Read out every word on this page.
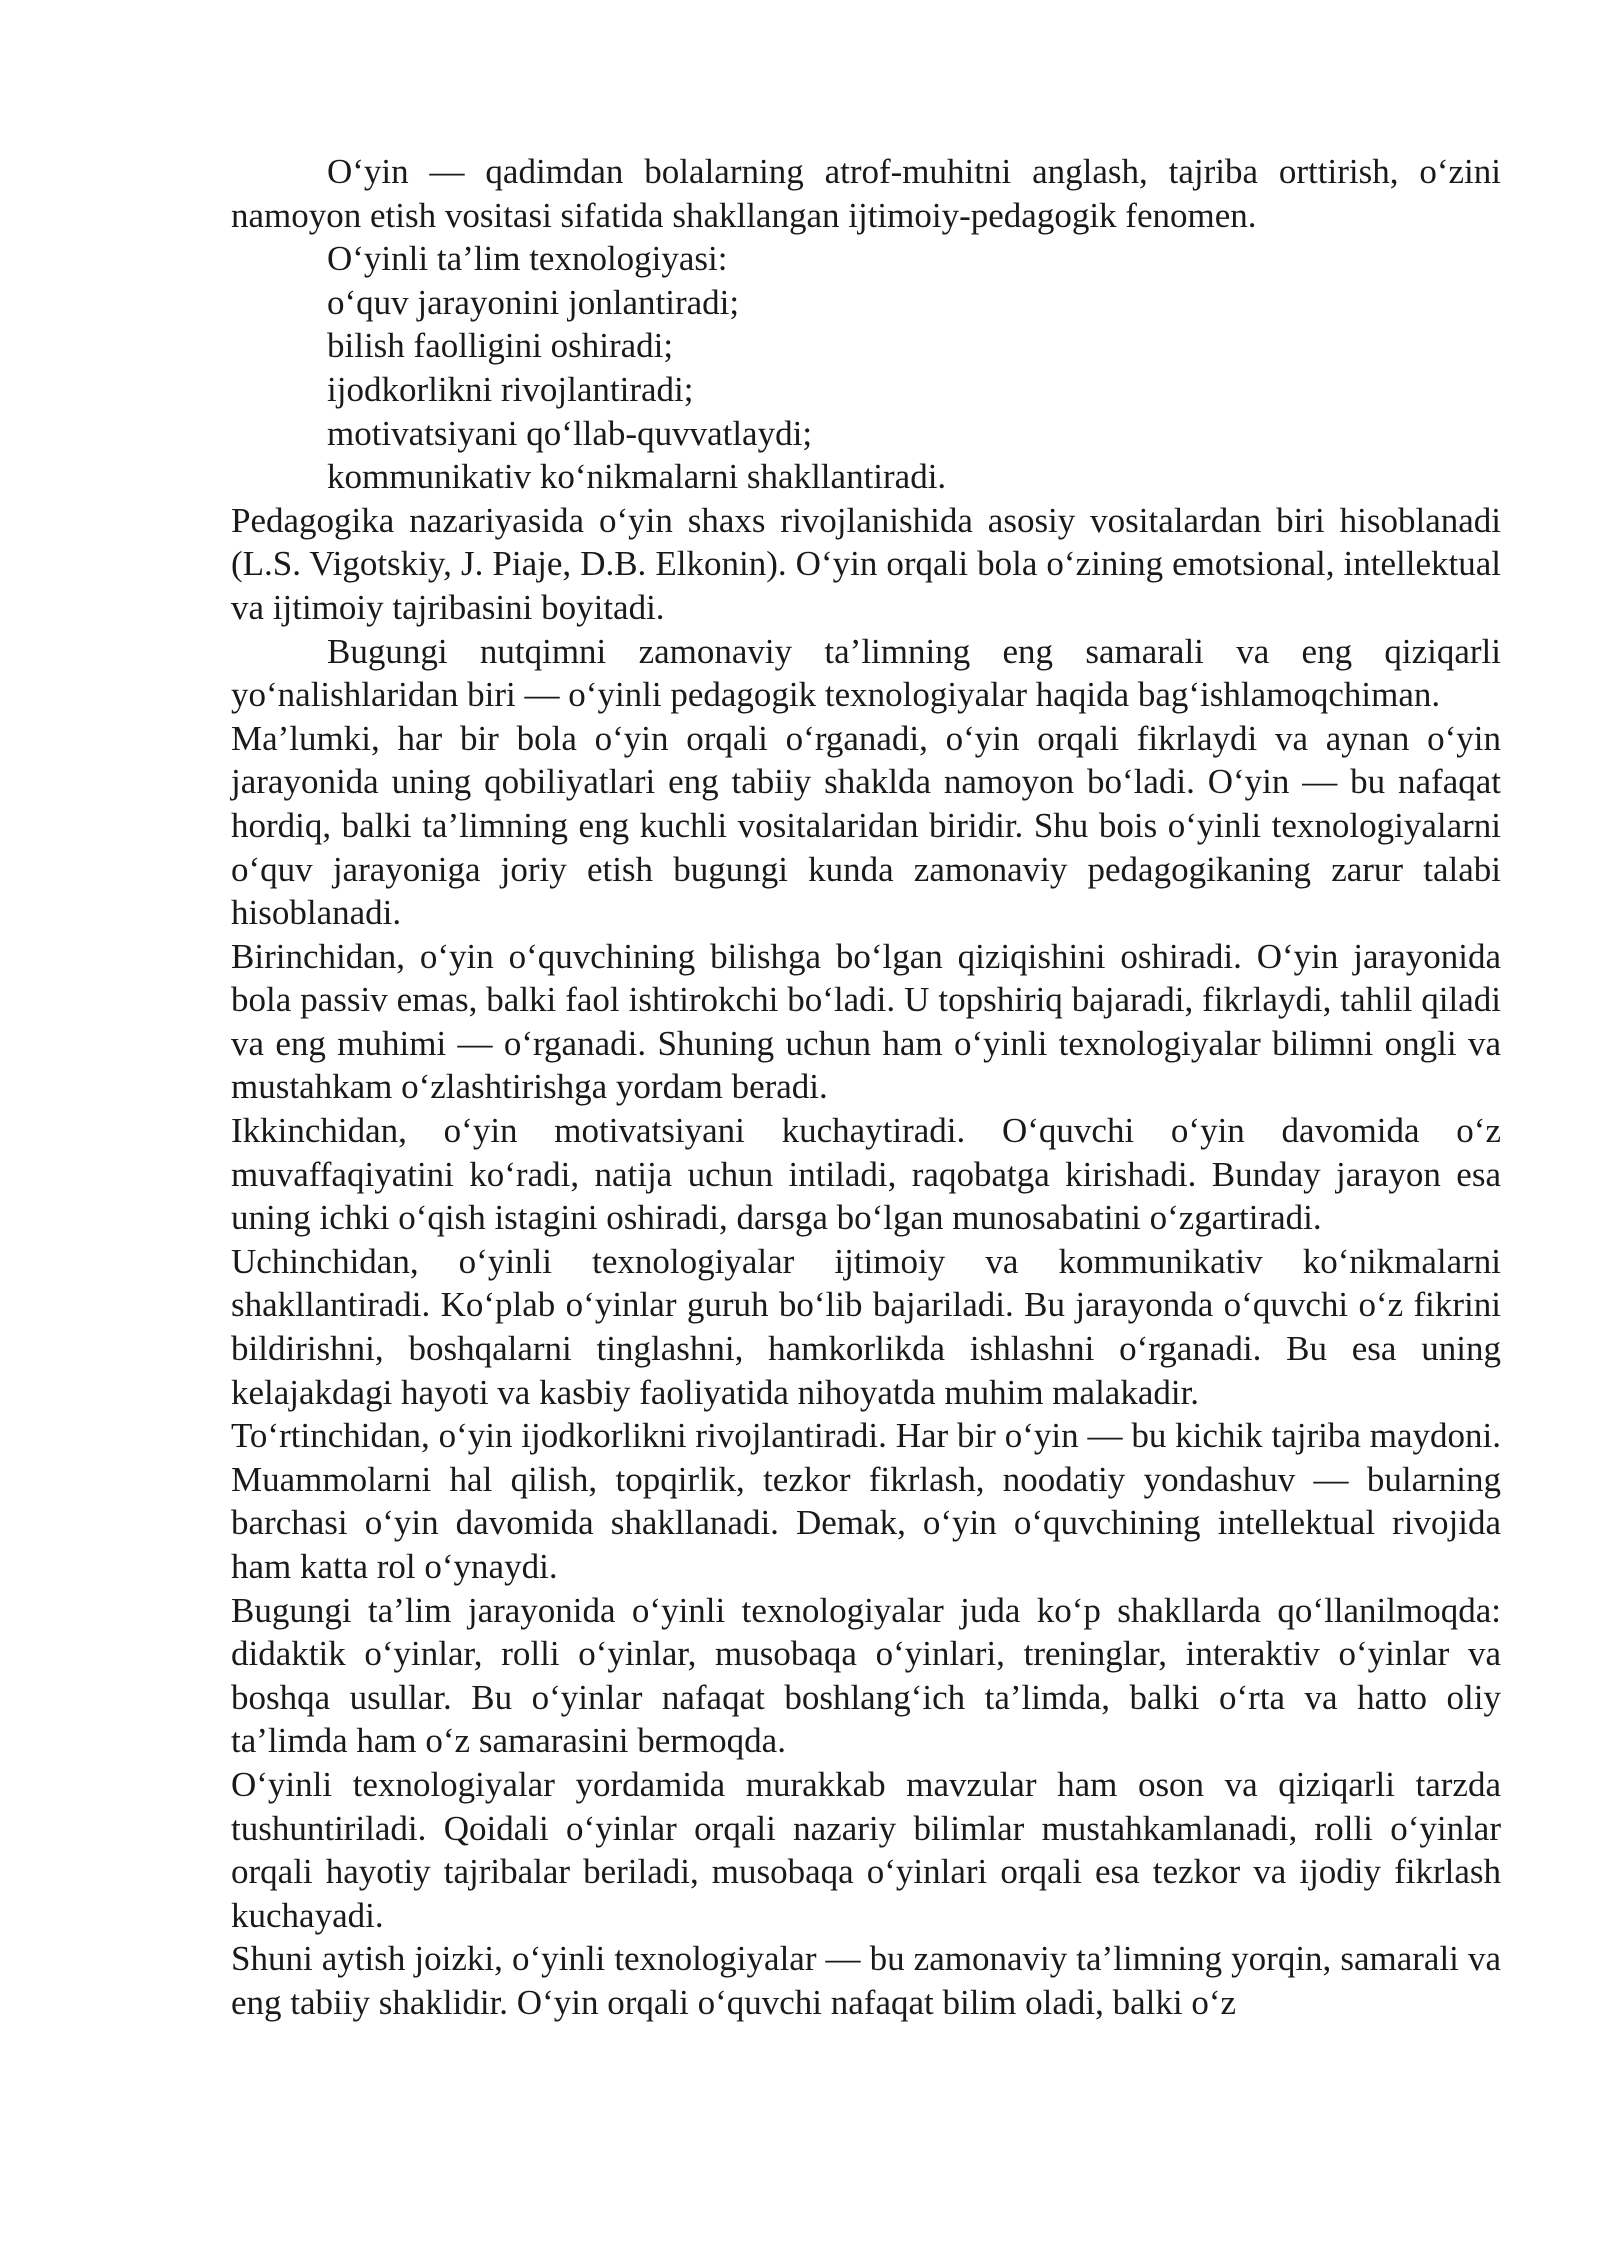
O‘yin — qadimdan bolalarning atrof-muhitni anglash, tajriba orttirish, o‘zini namoyon etish vositasi sifatida shakllangan ijtimoiy-pedagogik fenomen.

O‘yinli ta’lim texnologiyasi:

o‘quv jarayonini jonlantiradi;
bilish faolligini oshiradi;
ijodkorlikni rivojlantiradi;
motivatsiyani qo‘llab-quvvatlaydi;
kommunikativ ko‘nikmalarni shakllantiradi.

Pedagogika nazariyasida o‘yin shaxs rivojlanishida asosiy vositalardan biri hisoblanadi (L.S. Vigotskiy, J. Piaje, D.B. Elkonin). O‘yin orqali bola o‘zining emotsional, intellektual va ijtimoiy tajribasini boyitadi.

Bugungi nutqimni zamonaviy ta’limning eng samarali va eng qiziqarli yo‘nalishlaridan biri — o‘yinli pedagogik texnologiyalar haqida bag‘ishlamoqchiman.

Ma’lumki, har bir bola o‘yin orqali o‘rganadi, o‘yin orqali fikrlaydi va aynan o‘yin jarayonida uning qobiliyatlari eng tabiiy shaklda namoyon bo‘ladi. O‘yin — bu nafaqat hordiq, balki ta’limning eng kuchli vositalaridan biridir. Shu bois o‘yinli texnologiyalarni o‘quv jarayoniga joriy etish bugungi kunda zamonaviy pedagogikaning zarur talabi hisoblanadi.

Birinchidan, o‘yin o‘quvchining bilishga bo‘lgan qiziqishini oshiradi. O‘yin jarayonida bola passiv emas, balki faol ishtirokchi bo‘ladi. U topshiriq bajaradi, fikrlaydi, tahlil qiladi va eng muhimi — o‘rganadi. Shuning uchun ham o‘yinli texnologiyalar bilimni ongli va mustahkam o‘zlashtirishga yordam beradi.

Ikkinchidan, o‘yin motivatsiyani kuchaytiradi. O‘quvchi o‘yin davomida o‘z muvaffaqiyatini ko‘radi, natija uchun intiladi, raqobatga kirishadi. Bunday jarayon esa uning ichki o‘qish istagini oshiradi, darsga bo‘lgan munosabatini o‘zgartiradi.

Uchinchidan, o‘yinli texnologiyalar ijtimoiy va kommunikativ ko‘nikmalarni shakllantiradi. Ko‘plab o‘yinlar guruh bo‘lib bajariladi. Bu jarayonda o‘quvchi o‘z fikrini bildirishni, boshqalarni tinglashni, hamkorlikda ishlashni o‘rganadi. Bu esa uning kelajakdagi hayoti va kasbiy faoliyatida nihoyatda muhim malakadir.

To‘rtinchidan, o‘yin ijodkorlikni rivojlantiradi. Har bir o‘yin — bu kichik tajriba maydoni. Muammolarni hal qilish, topqirlik, tezkor fikrlash, noodatiy yondashuv — bularning barchasi o‘yin davomida shakllanadi. Demak, o‘yin o‘quvchining intellektual rivojida ham katta rol o‘ynaydi.

Bugungi ta’lim jarayonida o‘yinli texnologiyalar juda ko‘p shakllarda qo‘llanilmoqda: didaktik o‘yinlar, rolli o‘yinlar, musobaqa o‘yinlari, treninglar, interaktiv o‘yinlar va boshqa usullar. Bu o‘yinlar nafaqat boshlang‘ich ta’limda, balki o‘rta va hatto oliy ta’limda ham o‘z samarasini bermoqda.

O‘yinli texnologiyalar yordamida murakkab mavzular ham oson va qiziqarli tarzda tushuntiriladi. Qoidali o‘yinlar orqali nazariy bilimlar mustahkamlanadi, rolli o‘yinlar orqali hayotiy tajribalar beriladi, musobaqa o‘yinlari orqali esa tezkor va ijodiy fikrlash kuchayadi.

Shuni aytish joizki, o‘yinli texnologiyalar — bu zamonaviy ta’limning yorqin, samarali va eng tabiiy shaklidir. O‘yin orqali o‘quvchi nafaqat bilim oladi, balki o‘z
